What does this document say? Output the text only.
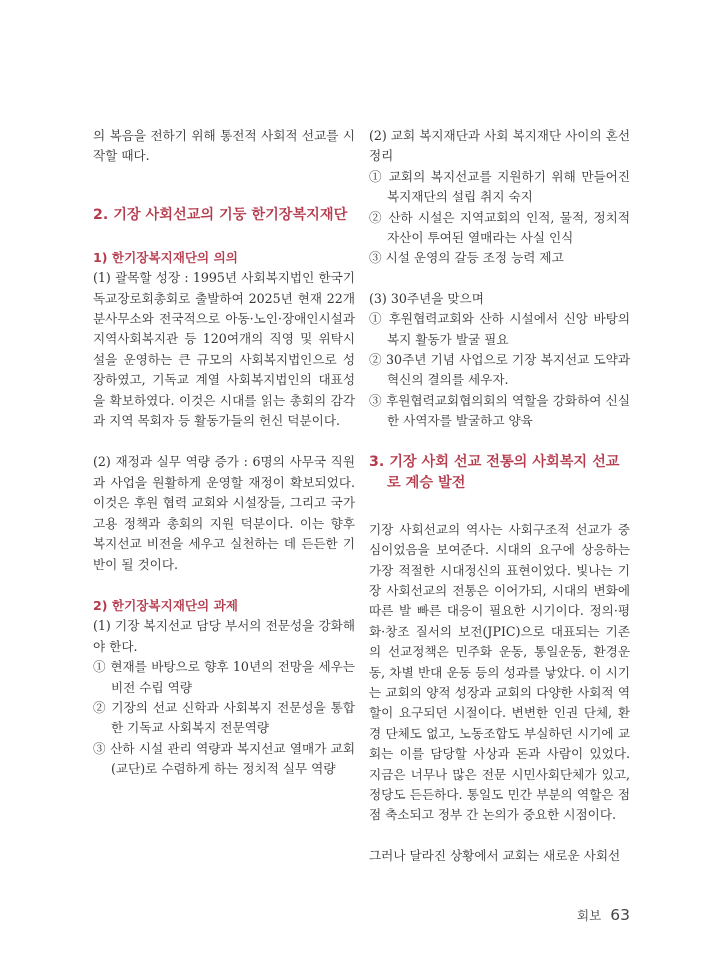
의 복음을 전하기 위해 통전적 사회적 선교를 시작할 때다.

2. 기장 사회선교의 기둥 한기장복지재단
1) 한기장복지재단의 의의

(1) 괄목할 성장 : 1995년 사회복지법인 한국기독교장로회총회로 출발하여 2025년 현재 22개 분사무소와 전국적으로 아동·노인·장애인시설과 지역사회복지관 등 120여개의 직영 및 위탁시설을 운영하는 큰 규모의 사회복지법인으로 성장하였고, 기독교 계열 사회복지법인의 대표성을 확보하였다. 이것은 시대를 읽는 총회의 감각과 지역 목회자 등 활동가들의 헌신 덕분이다.

(2) 재정과 실무 역량 증가 : 6명의 사무국 직원과 사업을 원활하게 운영할 재정이 확보되었다. 이것은 후원 협력 교회와 시설장들, 그리고 국가 고용 정책과 총회의 지원 덕분이다. 이는 향후 복지선교 비전을 세우고 실천하는 데 든든한 기반이 될 것이다.

2) 한기장복지재단의 과제

(1) 기장 복지선교 담당 부서의 전문성을 강화해야 한다.

① 현재를 바탕으로 향후 10년의 전망을 세우는 비전 수립 역량

② 기장의 선교 신학과 사회복지 전문성을 통합한 기독교 사회복지 전문역량

③ 산하 시설 관리 역량과 복지선교 열매가 교회(교단)로 수렴하게 하는 정치적 실무 역량

(2) 교회 복지재단과 사회 복지재단 사이의 혼선 정리

① 교회의 복지선교를 지원하기 위해 만들어진 복지재단의 설립 취지 숙지

② 산하 시설은 지역교회의 인적, 물적, 정치적 자산이 투여된 열매라는 사실 인식

③ 시설 운영의 갈등 조정 능력 제고

(3) 30주년을 맞으며

① 후원협력교회와 산하 시설에서 신앙 바탕의 복지 활동가 발굴 필요

② 30주년 기념 사업으로 기장 복지선교 도약과 혁신의 결의를 세우자.

③ 후원협력교회협의회의 역할을 강화하여 신실한 사역자를 발굴하고 양육

3. 기장 사회 선교 전통의 사회복지 선교로 계승 발전

기장 사회선교의 역사는 사회구조적 선교가 중심이었음을 보여준다. 시대의 요구에 상응하는 가장 적절한 시대정신의 표현이었다. 빛나는 기장 사회선교의 전통은 이어가되, 시대의 변화에 따른 발 빠른 대응이 필요한 시기이다. 정의·평화·창조 질서의 보전(JPIC)으로 대표되는 기존의 선교정책은 민주화 운동, 통일운동, 환경운동, 차별 반대 운동 등의 성과를 낳았다. 이 시기는 교회의 양적 성장과 교회의 다양한 사회적 역할이 요구되던 시절이다. 변변한 인권 단체, 환경 단체도 없고, 노동조합도 부실하던 시기에 교회는 이를 담당할 사상과 돈과 사람이 있었다. 지금은 너무나 많은 전문 시민사회단체가 있고, 정당도 든든하다. 통일도 민간 부분의 역할은 점점 축소되고 정부 간 논의가 중요한 시점이다.

그러나 달라진 상황에서 교회는 새로운 사회선

회보 63
